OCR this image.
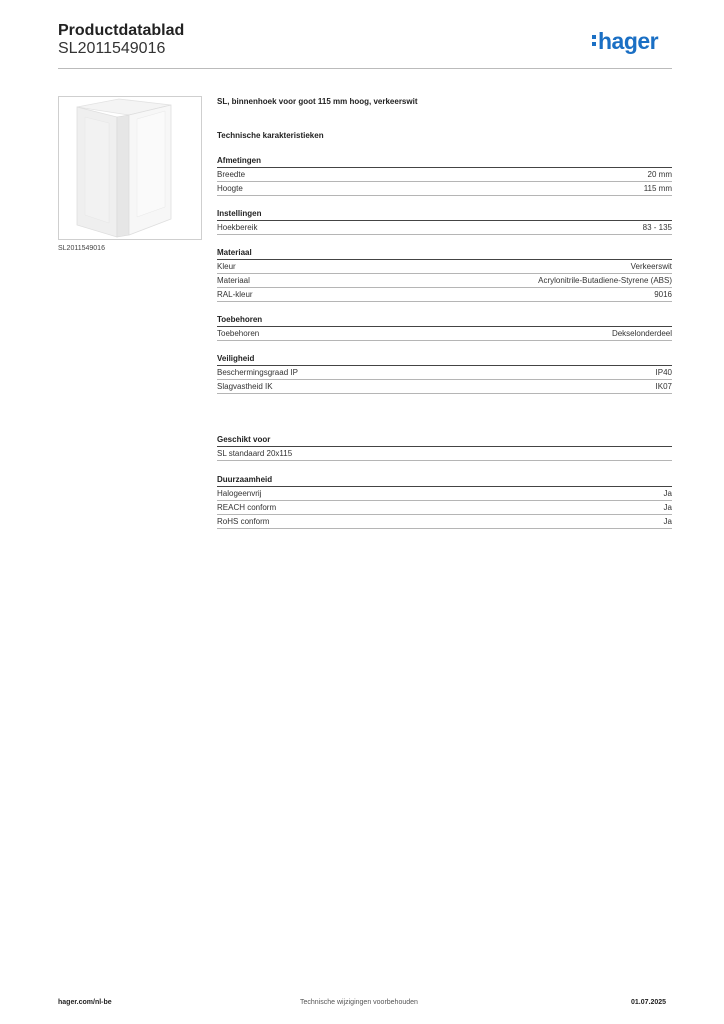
Productdatablad
SL2011549016	hager
SL2011549016
SL, binnenhoek voor goot 115 mm hoog, verkeerswit
Technische karakteristieken
Afmetingen
Breedte	20 mm
Hoogte	115 mm
Instellingen
Hoekbereik	83 - 135
Materiaal
Kleur	Verkeerswit
Materiaal	Acrylonitrile-Butadiene-Styrene (ABS)
RAL-kleur	9016
Toebehoren
Toebehoren	Dekselonderdeel
Veiligheid
Beschermingsgraad IP	IP40
Slagvastheid IK	IK07
Geschikt voor
SL standaard 20x115
Duurzaamheid
Halogeenvrij	Ja
REACH conform	Ja
RoHS conform	Ja
hager.com/nl-be	Technische wijzigingen voorbehouden	01.07.2025
